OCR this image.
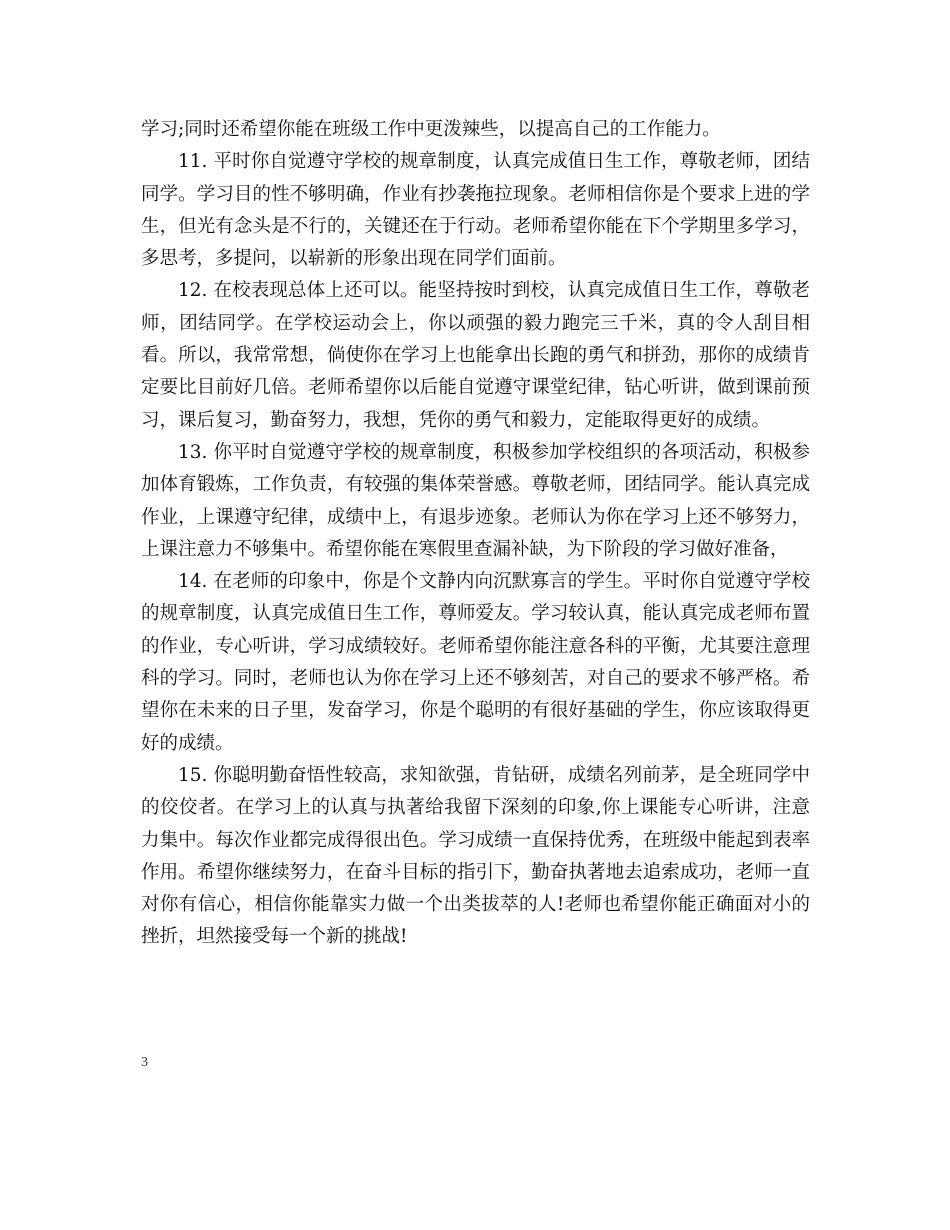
学习;同时还希望你能在班级工作中更泼辣些，以提高自己的工作能力。

11. 平时你自觉遵守学校的规章制度，认真完成值日生工作，尊敬老师，团结同学。学习目的性不够明确，作业有抄袭拖拉现象。老师相信你是个要求上进的学生，但光有念头是不行的，关键还在于行动。老师希望你能在下个学期里多学习，多思考，多提问，以崭新的形象出现在同学们面前。

12. 在校表现总体上还可以。能坚持按时到校，认真完成值日生工作，尊敬老师，团结同学。在学校运动会上，你以顽强的毅力跑完三千米，真的令人刮目相看。所以，我常常想，倘使你在学习上也能拿出长跑的勇气和拼劲，那你的成绩肯定要比目前好几倍。老师希望你以后能自觉遵守课堂纪律，钻心听讲，做到课前预习，课后复习，勤奋努力，我想，凭你的勇气和毅力，定能取得更好的成绩。

13. 你平时自觉遵守学校的规章制度，积极参加学校组织的各项活动，积极参加体育锻炼，工作负责，有较强的集体荣誉感。尊敬老师，团结同学。能认真完成作业，上课遵守纪律，成绩中上，有退步迹象。老师认为你在学习上还不够努力，上课注意力不够集中。希望你能在寒假里查漏补缺，为下阶段的学习做好准备，

14. 在老师的印象中，你是个文静内向沉默寡言的学生。平时你自觉遵守学校的规章制度，认真完成值日生工作，尊师爱友。学习较认真，能认真完成老师布置的作业，专心听讲，学习成绩较好。老师希望你能注意各科的平衡，尤其要注意理科的学习。同时，老师也认为你在学习上还不够刻苦，对自己的要求不够严格。希望你在未来的日子里，发奋学习，你是个聪明的有很好基础的学生，你应该取得更好的成绩。

15. 你聪明勤奋悟性较高，求知欲强，肯钻研，成绩名列前茅，是全班同学中的佼佼者。在学习上的认真与执著给我留下深刻的印象,你上课能专心听讲，注意力集中。每次作业都完成得很出色。学习成绩一直保持优秀，在班级中能起到表率作用。希望你继续努力，在奋斗目标的指引下，勤奋执著地去追索成功，老师一直对你有信心，相信你能靠实力做一个出类拔萃的人!老师也希望你能正确面对小的挫折，坦然接受每一个新的挑战!

3
